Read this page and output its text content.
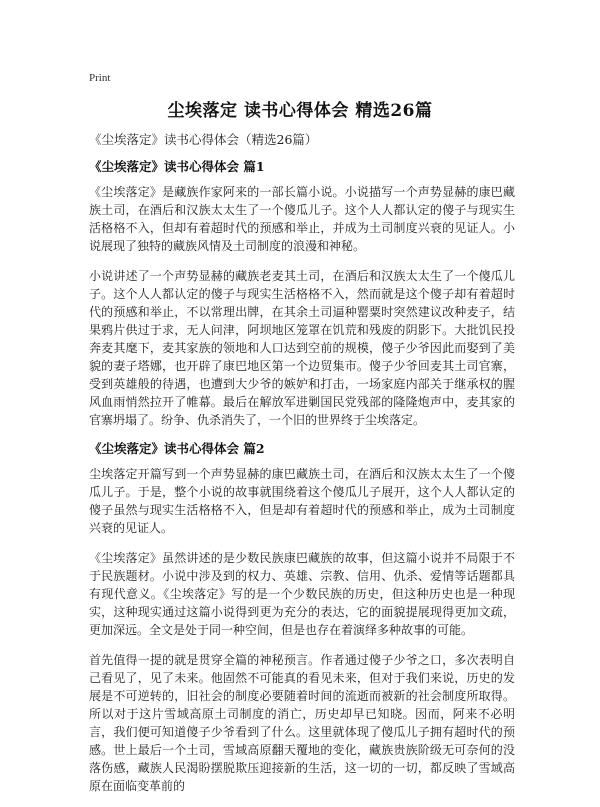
Print
尘埃落定 读书心得体会 精选26篇
《尘埃落定》读书心得体会（精选26篇）
《尘埃落定》读书心得体会 篇1

《尘埃落定》是藏族作家阿来的一部长篇小说。小说描写一个声势显赫的康巴藏族土司，在酒后和汉族太太生了一个傻瓜儿子。这个人人都认定的傻子与现实生活格格不入，但却有着超时代的预感和举止，并成为土司制度兴衰的见证人。小说展现了独特的藏族风情及土司制度的浪漫和神秘。

小说讲述了一个声势显赫的藏族老麦其土司，在酒后和汉族太太生了一个傻瓜儿子。这个人人都认定的傻子与现实生活格格不入，然而就是这个傻子却有着超时代的预感和举止，不以常理出牌，在其余土司逼种罂粟时突然建议改种麦子，结果鸦片供过于求，无人问津，阿坝地区笼罩在饥荒和残废的阴影下。大批饥民投奔麦其麾下，麦其家族的领地和人口达到空前的规模，傻子少爷因此而娶到了美貌的妻子塔娜，也开辟了康巴地区第一个边贸集市。傻子少爷回麦其土司官寨，受到英雄般的待遇，也遭到大少爷的嫉妒和打击，一场家庭内部关于继承权的腥风血雨悄然拉开了帷幕。最后在解放军进剿国民党残部的隆隆炮声中，麦其家的官寨坍塌了。纷争、仇杀消失了，一个旧的世界终于尘埃落定。

《尘埃落定》读书心得体会 篇2

尘埃落定开篇写到一个声势显赫的康巴藏族土司，在酒后和汉族太太生了一个傻瓜儿子。于是，整个小说的故事就围绕着这个傻瓜儿子展开，这个人人都认定的傻子虽然与现实生活格格不入，但是却有着超时代的预感和举止，成为土司制度兴衰的见证人。

《尘埃落定》虽然讲述的是少数民族康巴藏族的故事，但这篇小说并不局限于不于民族题材。小说中涉及到的权力、英雄、宗教、信用、仇杀、爱情等话题都具有现代意义。《尘埃落定》写的是一个少数民族的历史，但这种历史也是一种现实，这种现实通过这篇小说得到更为充分的表达，它的面貌提展现得更加文疏，更加深远。全文是处于同一种空间，但是也存在着演绎多种故事的可能。

首先值得一提的就是贯穿全篇的神秘预言。作者通过傻子少爷之口，多次表明自己看见了，见了未来。他固然不可能真的看见未来，但对于我们来说，历史的发展是不可逆转的，旧社会的制度必要随着时间的流逝而被新的社会制度所取得。所以对于这片雪域高原土司制度的消亡，历史却早已知晓。因而，阿来不必明言，我们便可知道傻子少爷看到了什么。这里就体现了傻瓜儿子拥有超时代的预感。世上最后一个土司，雪域高原翻天覆地的变化，藏族贵族阶级无可奈何的没落伤感，藏族人民渴盼摆脱欺压迎接新的生活，这一切的一切，都反映了雪域高原在面临变革前的
